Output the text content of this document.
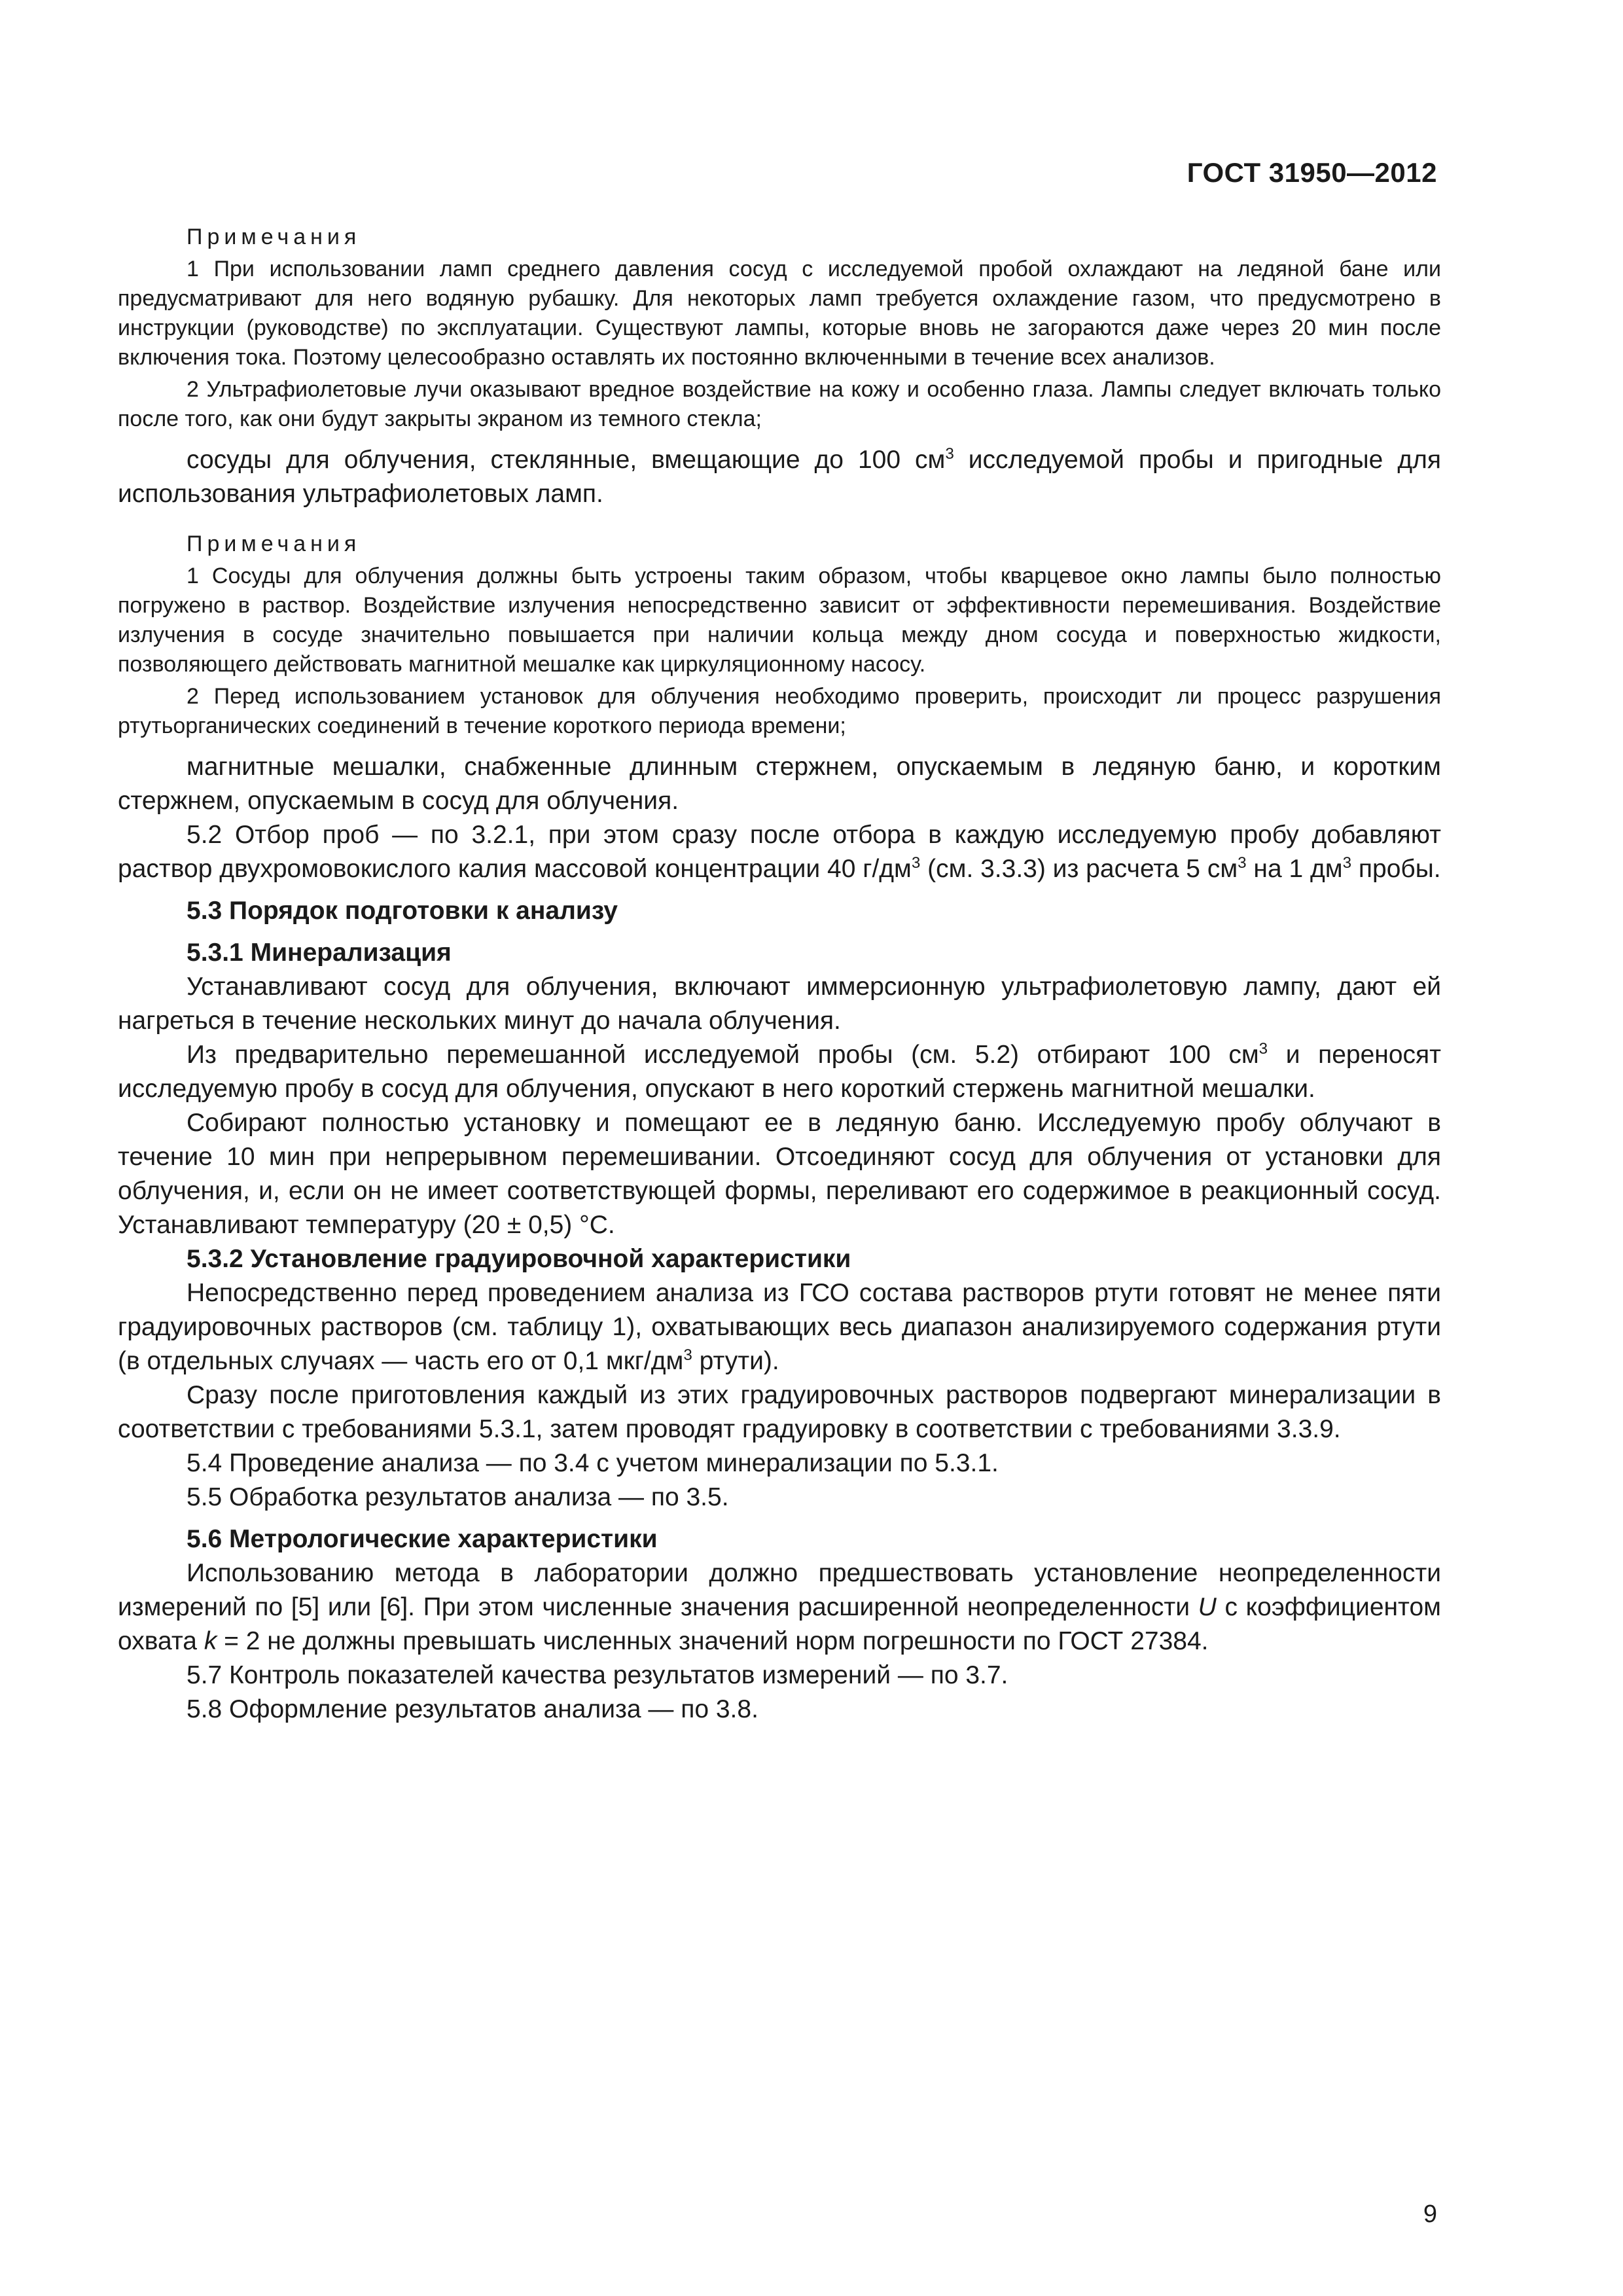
ГОСТ 31950—2012

Примечания

1 При использовании ламп среднего давления сосуд с исследуемой пробой охлаждают на ледяной бане или предусматривают для него водяную рубашку. Для некоторых ламп требуется охлаждение газом, что предусмотрено в инструкции (руководстве) по эксплуатации. Существуют лампы, которые вновь не загораются даже через 20 мин после включения тока. Поэтому целесообразно оставлять их постоянно включенными в течение всех анализов.

2 Ультрафиолетовые лучи оказывают вредное воздействие на кожу и особенно глаза. Лампы следует включать только после того, как они будут закрыты экраном из темного стекла;

сосуды для облучения, стеклянные, вмещающие до 100 $см^3$ исследуемой пробы и пригодные для использования ультрафиолетовых ламп.

Примечания

1 Сосуды для облучения должны быть устроены таким образом, чтобы кварцевое окно лампы было полностью погружено в раствор. Воздействие излучения непосредственно зависит от эффективности перемешивания. Воздействие излучения в сосуде значительно повышается при наличии кольца между дном сосуда и поверхностью жидкости, позволяющего действовать магнитной мешалке как циркуляционному насосу.

2 Перед использованием установок для облучения необходимо проверить, происходит ли процесс разрушения ртутьорганических соединений в течение короткого периода времени;

магнитные мешалки, снабженные длинным стержнем, опускаемым в ледяную баню, и коротким стержнем, опускаемым в сосуд для облучения.

5.2 Отбор проб — по 3.2.1, при этом сразу после отбора в каждую исследуемую пробу добавляют раствор двухромовокислого калия массовой концентрации 40 $г/дм^3$ (см. 3.3.3) из расчета 5 $см^3$ на 1 $дм^3$ пробы.

5.3 Порядок подготовки к анализу

5.3.1 Минерализация

Устанавливают сосуд для облучения, включают иммерсионную ультрафиолетовую лампу, дают ей нагреться в течение нескольких минут до начала облучения.

Из предварительно перемешанной исследуемой пробы (см. 5.2) отбирают 100 $см^3$ и переносят исследуемую пробу в сосуд для облучения, опускают в него короткий стержень магнитной мешалки.

Собирают полностью установку и помещают ее в ледяную баню. Исследуемую пробу облучают в течение 10 мин при непрерывном перемешивании. Отсоединяют сосуд для облучения от установки для облучения, и, если он не имеет соответствующей формы, переливают его содержимое в реакционный сосуд. Устанавливают температуру (20 ± 0,5) °С.

5.3.2 Установление градуировочной характеристики

Непосредственно перед проведением анализа из ГСО состава растворов ртути готовят не менее пяти градуировочных растворов (см. таблицу 1), охватывающих весь диапазон анализируемого содержания ртути (в отдельных случаях — часть его от 0,1 мкг/$дм^3$ ртути).

Сразу после приготовления каждый из этих градуировочных растворов подвергают минерализации в соответствии с требованиями 5.3.1, затем проводят градуировку в соответствии с требованиями 3.3.9.

5.4 Проведение анализа — по 3.4 с учетом минерализации по 5.3.1.

5.5 Обработка результатов анализа — по 3.5.

5.6 Метрологические характеристики

Использованию метода в лаборатории должно предшествовать установление неопределенности измерений по [5] или [6]. При этом численные значения расширенной неопределенности U с коэффициентом охвата k = 2 не должны превышать численных значений норм погрешности по ГОСТ 27384.

5.7 Контроль показателей качества результатов измерений — по 3.7.

5.8 Оформление результатов анализа — по 3.8.

9
